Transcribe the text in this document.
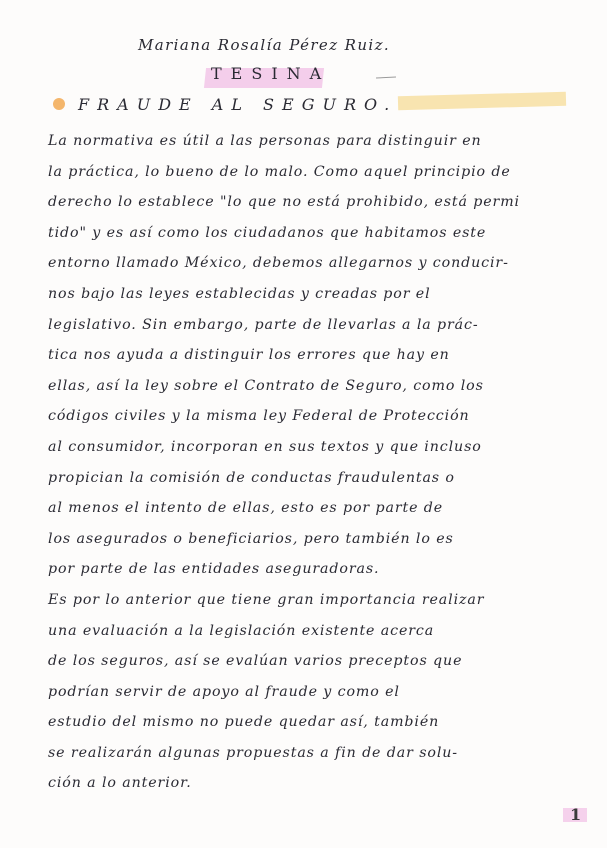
Mariana Rosalía Pérez Ruiz.
TESINA
FRAUDE AL SEGURO.
La normativa es útil a las personas para distinguir en
la práctica, lo bueno de lo malo. Como aquel principio de
derecho lo establece "lo que no está prohibido, está permi
tido" y es así como los ciudadanos que habitamos este
entorno llamado México, debemos allegarnos y conducir-
nos bajo las leyes establecidas y creadas por el
legislativo. Sin embargo, parte de llevarlas a la prác-
tica nos ayuda a distinguir los errores que hay en
ellas, así la ley sobre el Contrato de Seguro, como los
códigos civiles y la misma ley Federal de Protección
al consumidor, incorporan en sus textos y que incluso
propician la comisión de conductas fraudulentas o
al menos el intento de ellas, esto es por parte de
los asegurados o beneficiarios, pero también lo es
por parte de las entidades aseguradoras.
Es por lo anterior que tiene gran importancia realizar
una evaluación a la legislación existente acerca
de los seguros, así se evalúan varios preceptos que
podrían servir de apoyo al fraude y como el
estudio del mismo no puede quedar así, también
se realizarán algunas propuestas a fin de dar solu-
ción a lo anterior.
1
